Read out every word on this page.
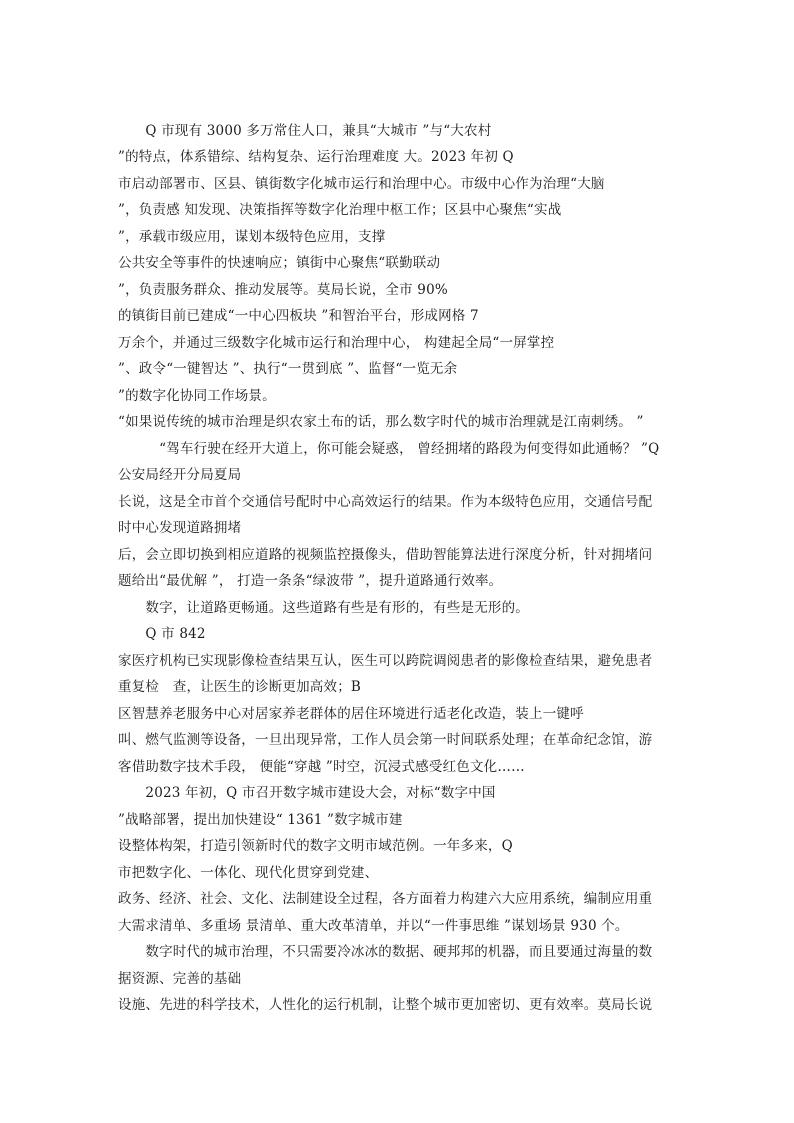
　　Q 市现有 3000 多万常住人口，兼具“大城市 ”与“大农村
”的特点，体系错综、结构复杂、运行治理难度 大。2023 年初 Q
市启动部署市、区县、镇街数字化城市运行和治理中心。市级中心作为治理“大脑
”，负责感 知发现、决策指挥等数字化治理中枢工作；区县中心聚焦“实战
”，承载市级应用，谋划本级特色应用，支撑
公共安全等事件的快速响应；镇街中心聚焦“联勤联动
”，负责服务群众、推动发展等。莫局长说，全市 90%
的镇街目前已建成“一中心四板块 ”和智治平台，形成网格 7
万余个，并通过三级数字化城市运行和治理中心， 构建起全局“一屏掌控
”、政令“一键智达 ”、执行“一贯到底 ”、监督“一览无余
”的数字化协同工作场景。
“如果说传统的城市治理是织农家土布的话，那么数字时代的城市治理就是江南刺绣。 ”
　　　“驾车行驶在经开大道上，你可能会疑惑， 曾经拥堵的路段为何变得如此通畅？ ”Q
公安局经开分局夏局
长说，这是全市首个交通信号配时中心高效运行的结果。作为本级特色应用，交通信号配
时中心发现道路拥堵
后，会立即切换到相应道路的视频监控摄像头，借助智能算法进行深度分析，针对拥堵问
题给出“最优解 ”， 打造一条条“绿波带 ”，提升道路通行效率。
　　数字，让道路更畅通。这些道路有些是有形的，有些是无形的。
　　Q 市 842
家医疗机构已实现影像检查结果互认，医生可以跨院调阅患者的影像检查结果，避免患者
重复检　查，让医生的诊断更加高效；B
区智慧养老服务中心对居家养老群体的居住环境进行适老化改造，装上一键呼
叫、燃气监测等设备，一旦出现异常，工作人员会第一时间联系处理；在革命纪念馆，游
客借助数字技术手段， 便能“穿越 ”时空，沉浸式感受红色文化……
　　2023 年初，Q 市召开数字城市建设大会，对标“数字中国
”战略部署，提出加快建设“ 1361 ”数字城市建
设整体构架，打造引领新时代的数字文明市域范例。一年多来，Q
市把数字化、一体化、现代化贯穿到党建、
政务、经济、社会、文化、法制建设全过程，各方面着力构建六大应用系统，编制应用重
大需求清单、多重场 景清单、重大改革清单，并以“一件事思维 ”谋划场景 930 个。
　　数字时代的城市治理，不只需要冷冰冰的数据、硬邦邦的机器，而且要通过海量的数
据资源、完善的基础
设施、先进的科学技术，人性化的运行机制，让整个城市更加密切、更有效率。莫局长说
